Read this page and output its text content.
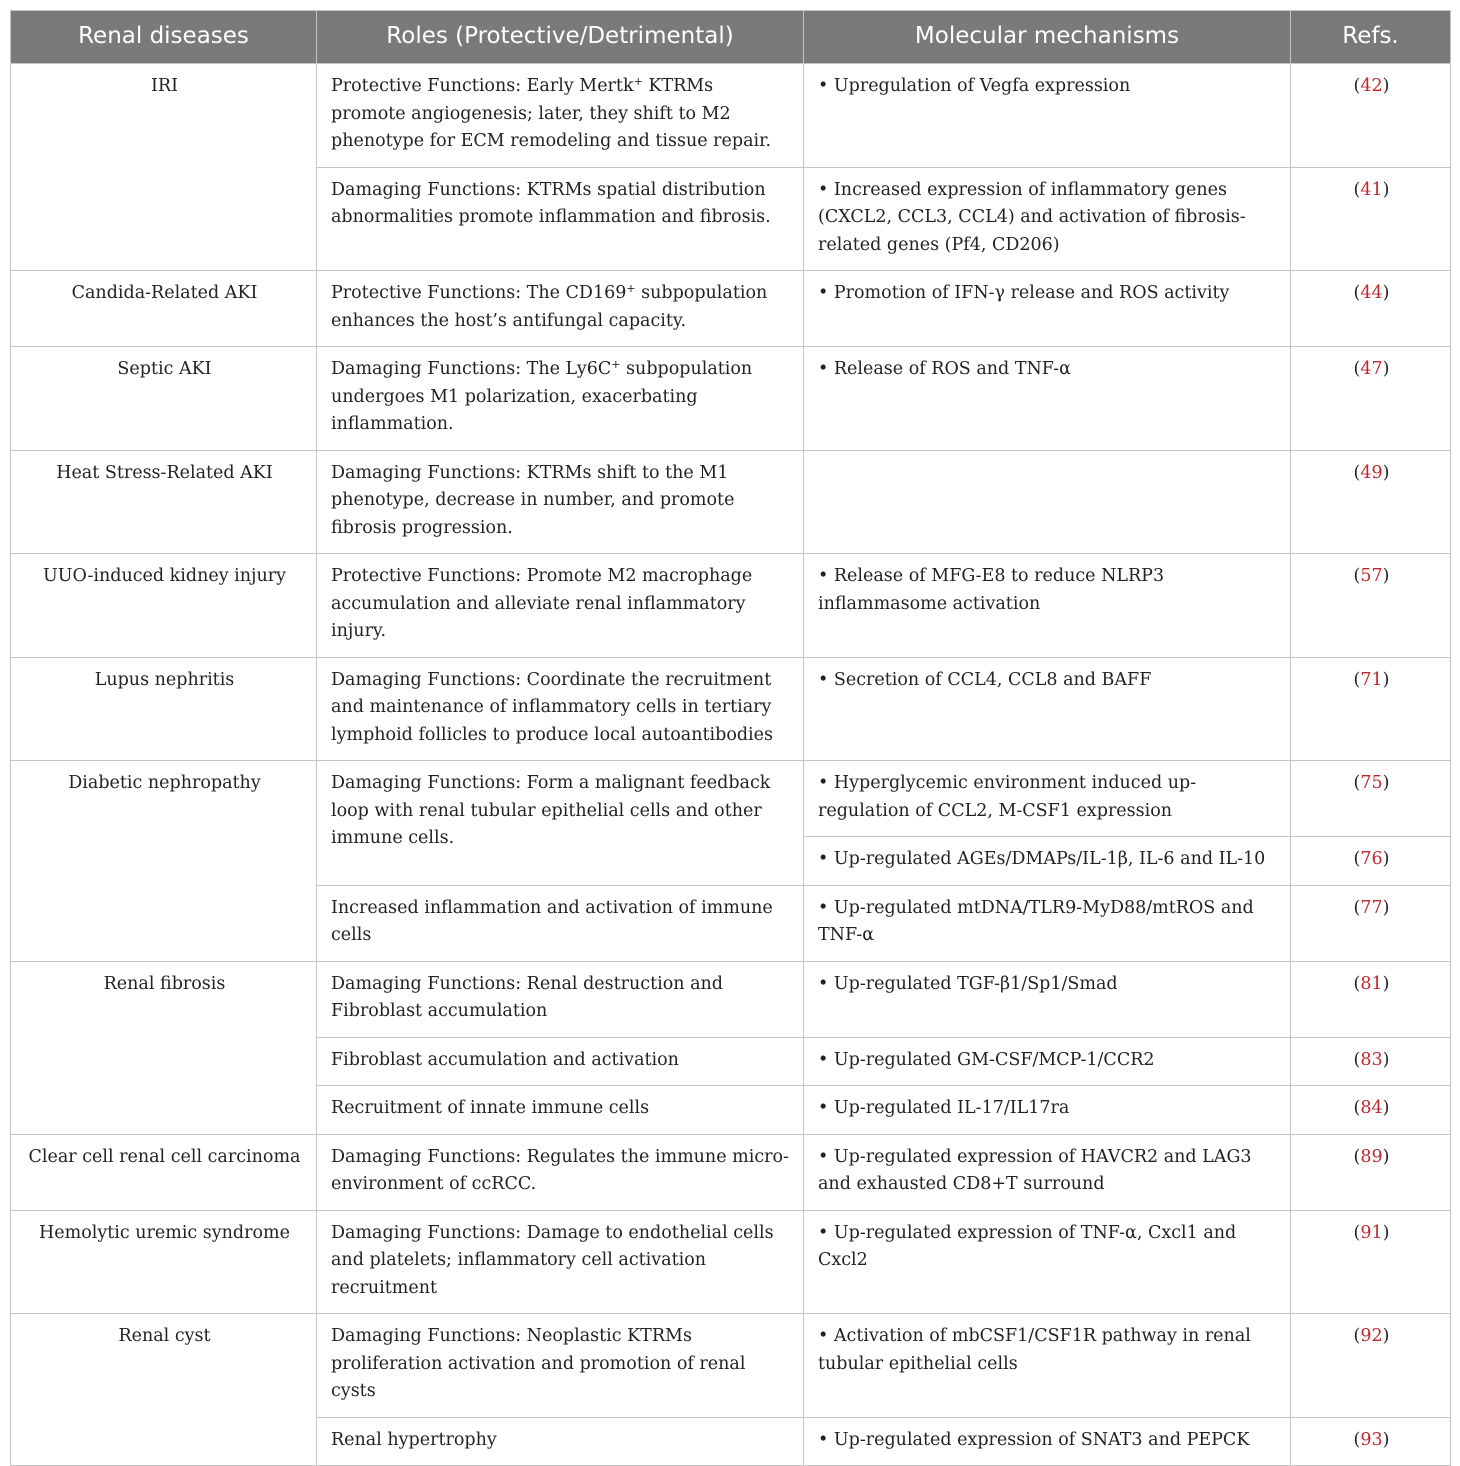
Renal diseases	Roles (Protective/Detrimental)	Molecular mechanisms	Refs.
IRI	Protective Functions: Early Mertk+ KTRMs promote angiogenesis; later, they shift to M2 phenotype for ECM remodeling and tissue repair.	• Upregulation of Vegfa expression	(42)
	Damaging Functions: KTRMs spatial distribution abnormalities promote inflammation and fibrosis.	• Increased expression of inflammatory genes (CXCL2, CCL3, CCL4) and activation of fibrosis-related genes (Pf4, CD206)	(41)
Candida-Related AKI	Protective Functions: The CD169+ subpopulation enhances the host’s antifungal capacity.	• Promotion of IFN-γ release and ROS activity	(44)
Septic AKI	Damaging Functions: The Ly6C+ subpopulation undergoes M1 polarization, exacerbating inflammation.	• Release of ROS and TNF-α	(47)
Heat Stress-Related AKI	Damaging Functions: KTRMs shift to the M1 phenotype, decrease in number, and promote fibrosis progression.		(49)
UUO-induced kidney injury	Protective Functions: Promote M2 macrophage accumulation and alleviate renal inflammatory injury.	• Release of MFG-E8 to reduce NLRP3 inflammasome activation	(57)
Lupus nephritis	Damaging Functions: Coordinate the recruitment and maintenance of inflammatory cells in tertiary lymphoid follicles to produce local autoantibodies	• Secretion of CCL4, CCL8 and BAFF	(71)
Diabetic nephropathy	Damaging Functions: Form a malignant feedback loop with renal tubular epithelial cells and other immune cells.	• Hyperglycemic environment induced up-regulation of CCL2, M-CSF1 expression	(75)
		• Up-regulated AGEs/DMAPs/IL-1β, IL-6 and IL-10	(76)
	Increased inflammation and activation of immune cells	• Up-regulated mtDNA/TLR9-MyD88/mtROS and TNF-α	(77)
Renal fibrosis	Damaging Functions: Renal destruction and Fibroblast accumulation	• Up-regulated TGF-β1/Sp1/Smad	(81)
	Fibroblast accumulation and activation	• Up-regulated GM-CSF/MCP-1/CCR2	(83)
	Recruitment of innate immune cells	• Up-regulated IL-17/IL17ra	(84)
Clear cell renal cell carcinoma	Damaging Functions: Regulates the immune micro-environment of ccRCC.	• Up-regulated expression of HAVCR2 and LAG3 and exhausted CD8+T surround	(89)
Hemolytic uremic syndrome	Damaging Functions: Damage to endothelial cells and platelets; inflammatory cell activation recruitment	• Up-regulated expression of TNF-α, Cxcl1 and Cxcl2	(91)
Renal cyst	Damaging Functions: Neoplastic KTRMs proliferation activation and promotion of renal cysts	• Activation of mbCSF1/CSF1R pathway in renal tubular epithelial cells	(92)
	Renal hypertrophy	• Up-regulated expression of SNAT3 and PEPCK	(93)
